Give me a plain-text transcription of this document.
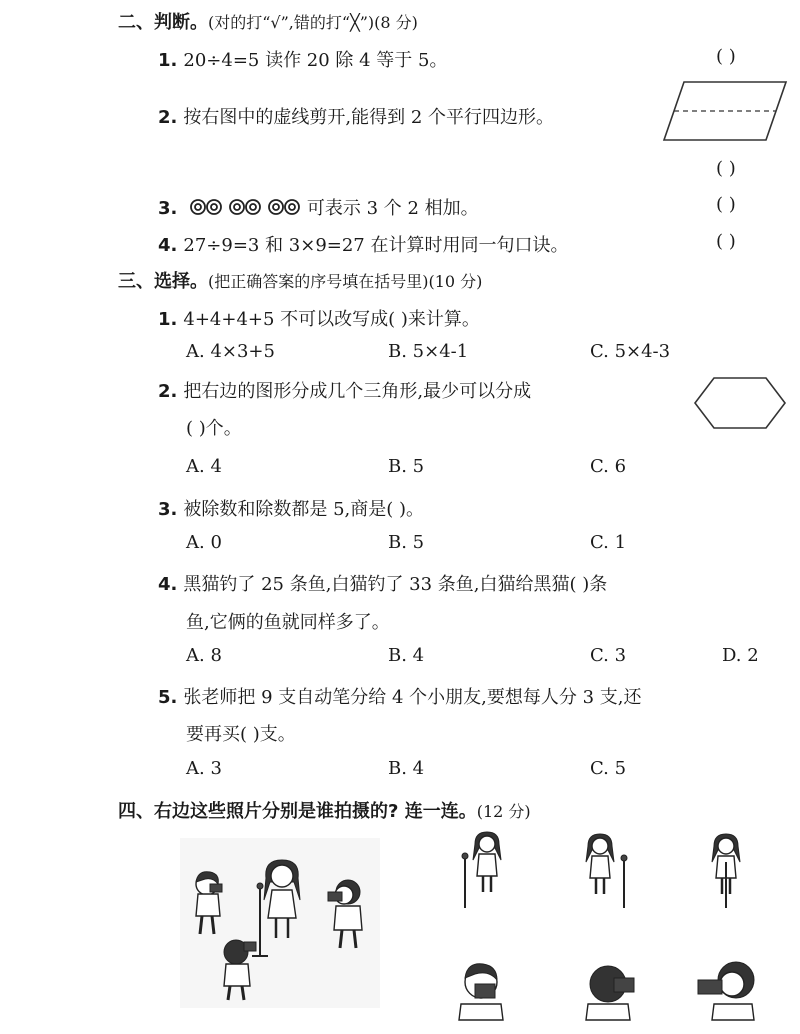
二、判断。(对的打“√”,错的打“╳”)(8 分)
1. 20÷4=5 读作 20 除 4 等于 5。	( )
2. 按右图中的虚线剪开,能得到 2 个平行四边形。
( )
3.	可表示 3 个 2 相加。	( )
4. 27÷9=3 和 3×9=27 在计算时用同一句口诀。	( )
三、选择。(把正确答案的序号填在括号里)(10 分)
1. 4+4+4+5 不可以改写成( )来计算。
A. 4×3+5	B. 5×4-1	C. 5×4-3
2. 把右边的图形分成几个三角形,最少可以分成
( )个。
A. 4	B. 5	C. 6
3. 被除数和除数都是 5,商是( )。
A. 0	B. 5	C. 1
4. 黑猫钓了 25 条鱼,白猫钓了 33 条鱼,白猫给黑猫( )条
鱼,它俩的鱼就同样多了。
A. 8	B. 4	C. 3	D. 2
5. 张老师把 9 支自动笔分给 4 个小朋友,要想每人分 3 支,还
要再买( )支。
A. 3	B. 4	C. 5
四、右边这些照片分别是谁拍摄的? 连一连。(12 分)
